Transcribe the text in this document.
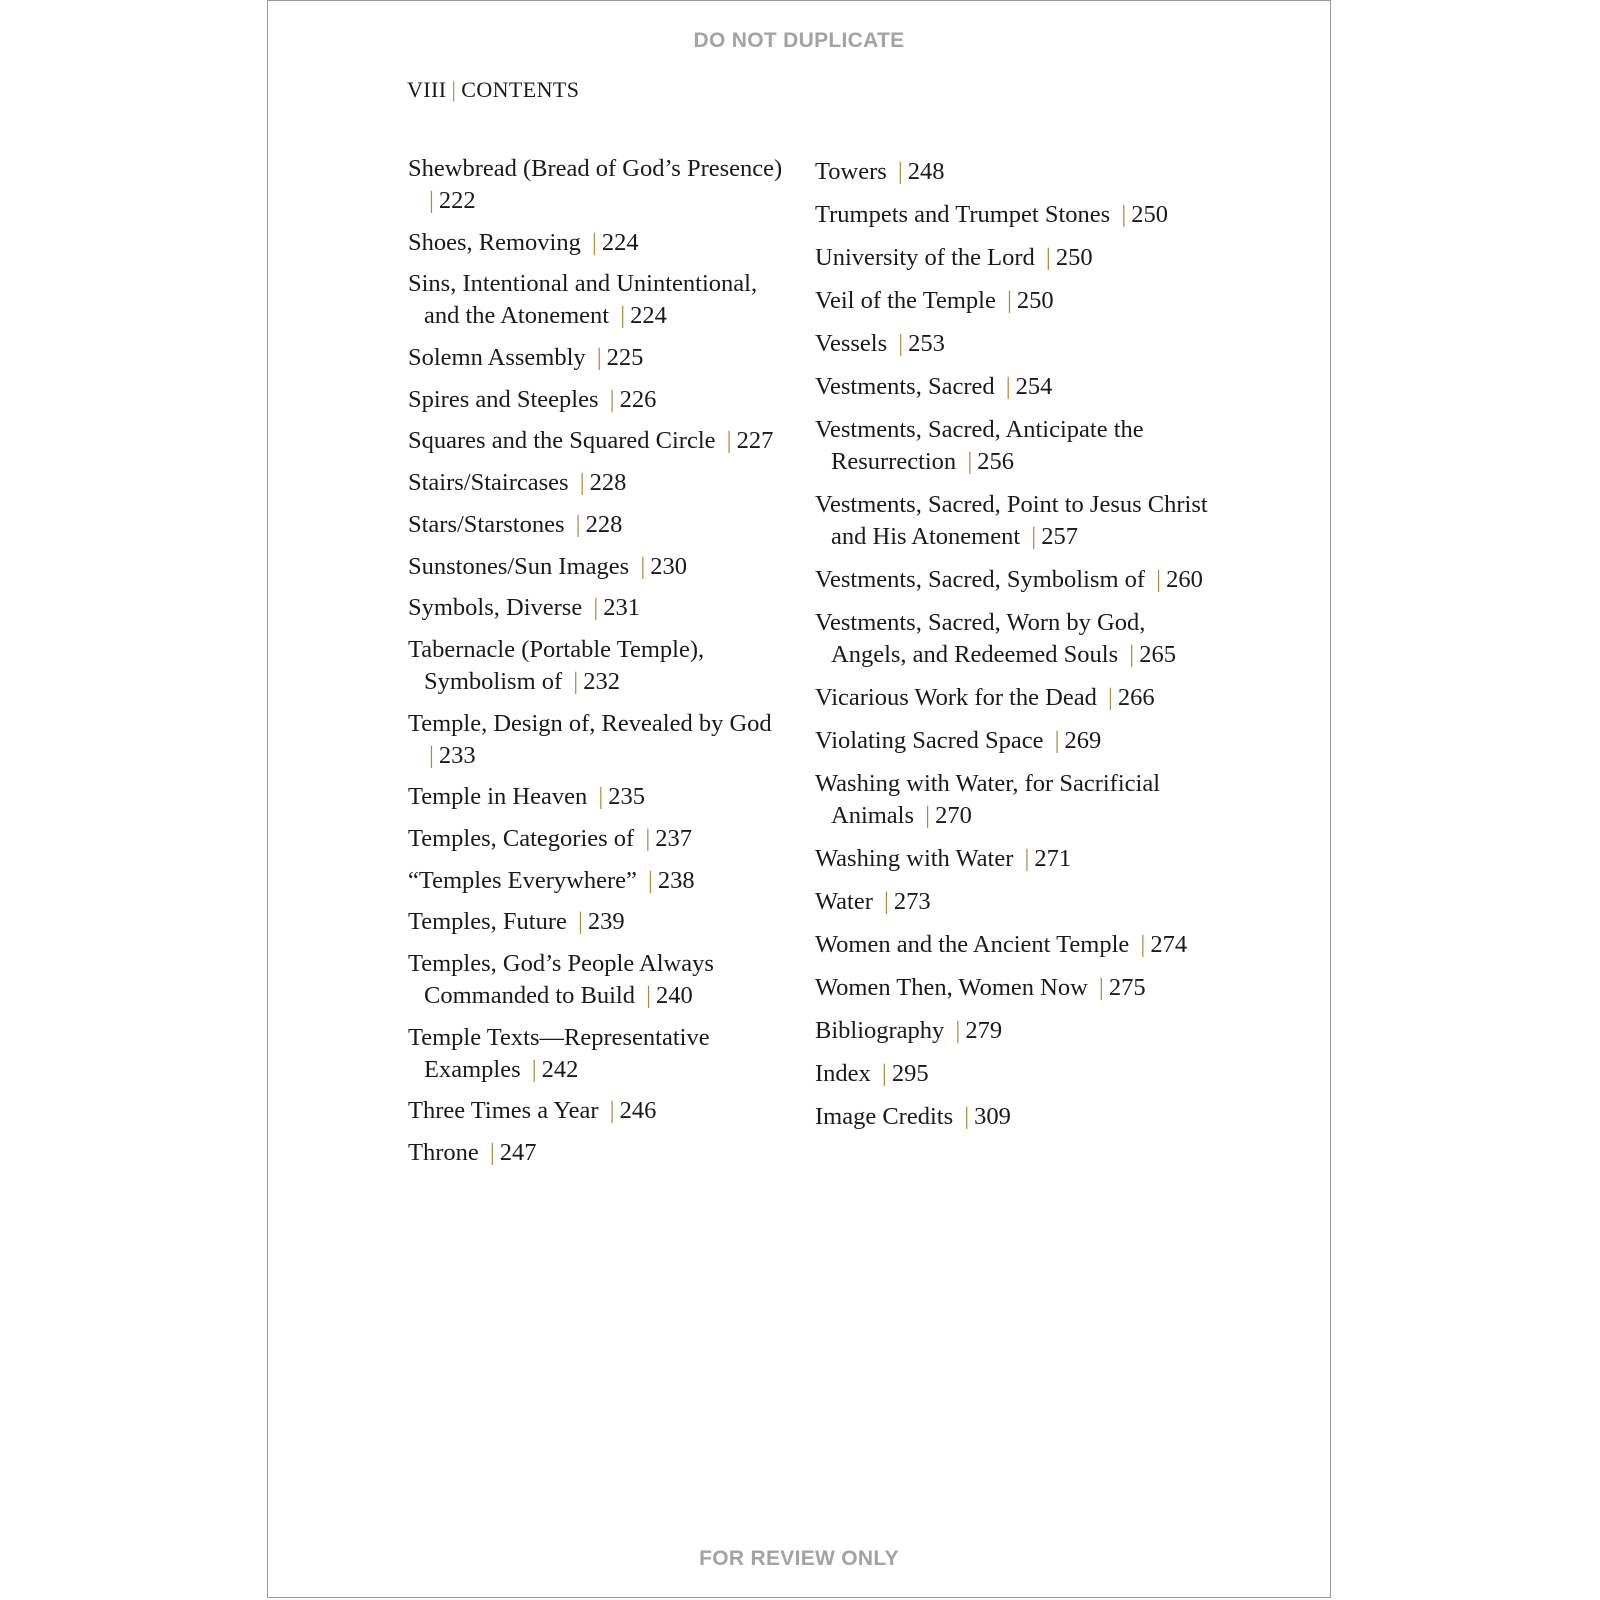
DO NOT DUPLICATE
VIII | CONTENTS
Shewbread (Bread of God’s Presence) | 222
Shoes, Removing | 224
Sins, Intentional and Unintentional, and the Atonement | 224
Solemn Assembly | 225
Spires and Steeples | 226
Squares and the Squared Circle | 227
Stairs/Staircases | 228
Stars/Starstones | 228
Sunstones/Sun Images | 230
Symbols, Diverse | 231
Tabernacle (Portable Temple), Symbolism of | 232
Temple, Design of, Revealed by God | 233
Temple in Heaven | 235
Temples, Categories of | 237
“Temples Everywhere” | 238
Temples, Future | 239
Temples, God’s People Always Commanded to Build | 240
Temple Texts—Representative Examples | 242
Three Times a Year | 246
Throne | 247
Towers | 248
Trumpets and Trumpet Stones | 250
University of the Lord | 250
Veil of the Temple | 250
Vessels | 253
Vestments, Sacred | 254
Vestments, Sacred, Anticipate the Resurrection | 256
Vestments, Sacred, Point to Jesus Christ and His Atonement | 257
Vestments, Sacred, Symbolism of | 260
Vestments, Sacred, Worn by God, Angels, and Redeemed Souls | 265
Vicarious Work for the Dead | 266
Violating Sacred Space | 269
Washing with Water, for Sacrificial Animals | 270
Washing with Water | 271
Water | 273
Women and the Ancient Temple | 274
Women Then, Women Now | 275
Bibliography | 279
Index | 295
Image Credits | 309
FOR REVIEW ONLY
